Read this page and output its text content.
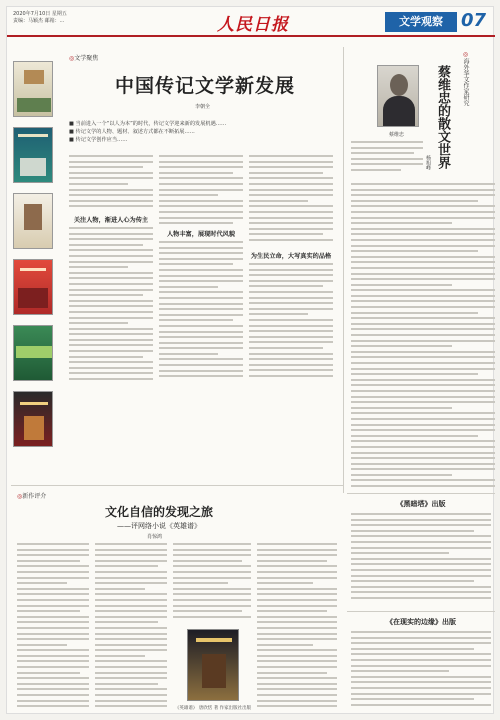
2020年7月10日 星期五
责编：马颖杰 邮箱：...	人民日报	文学观察	07
◎文学聚焦
中国传记文学新发展
李朝全
■ 当前进入一个“以人为本”的时代，传记文学迎来新的发展机遇……
■ 传记文学的人物、题材、叙述方式都在不断拓展……
■ 传记文学创作应当……
关注人物，渐进人心为传主
人物丰富，展现时代风貌
为生民立命，大写真实的品格
蔡维忠
◎海外华文作家研究
蔡维忠的散文世界
杨旭峰
◎新作评介
文化自信的发现之旅
——评网络小说《英雄谱》
肖惊鸿
《英雄谱》 唐欣恬 著 作家出版社出版
《黑暗塔》出版
《在现实的边缘》出版
